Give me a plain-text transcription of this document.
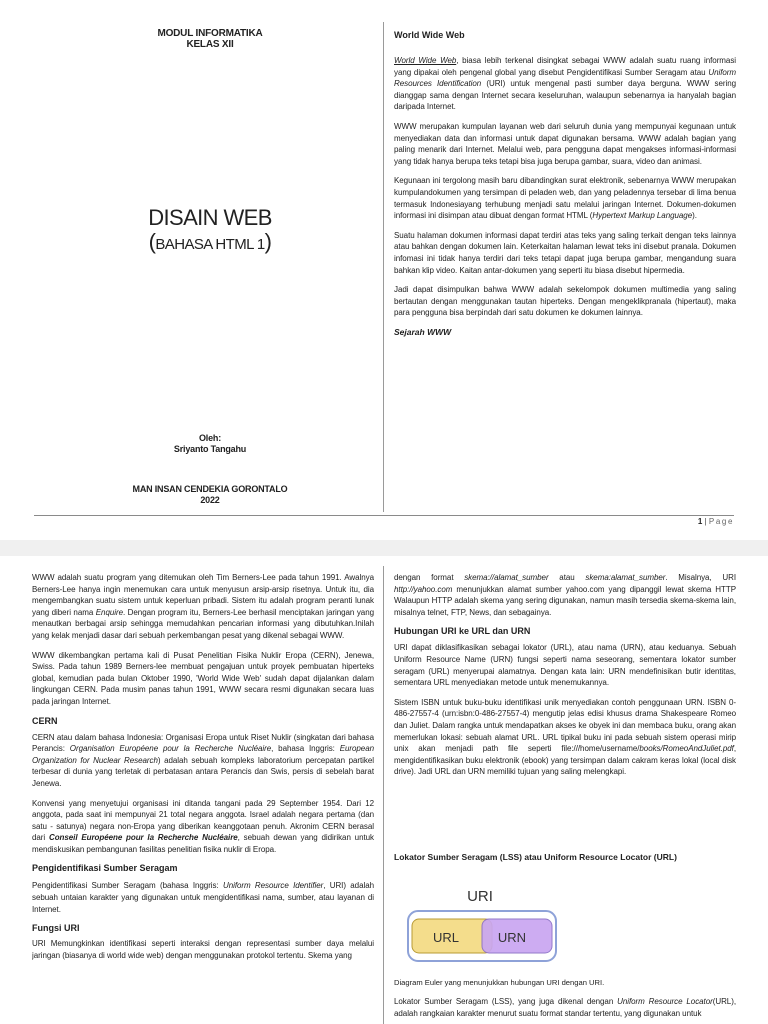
MODUL INFORMATIKA
KELAS XII
DISAIN WEB
(BAHASA HTML 1)
Oleh:
Sriyanto Tangahu
MAN INSAN CENDEKIA GORONTALO
2022
World Wide Web

World Wide Web, biasa lebih terkenal disingkat sebagai WWW adalah suatu ruang informasi yang dipakai oleh pengenal global yang disebut Pengidentifikasi Sumber Seragam atau Uniform Resources Identification (URI) untuk mengenal pasti sumber daya berguna. WWW sering dianggap sama dengan Internet secara keseluruhan, walaupun sebenarnya ia hanyalah bagian daripada Internet.

WWW merupakan kumpulan layanan web dari seluruh dunia yang mempunyai kegunaan untuk menyediakan data dan informasi untuk dapat digunakan bersama. WWW adalah bagian yang paling menarik dari Internet. Melalui web, para pengguna dapat mengakses informasi-informasi yang tidak hanya berupa teks tetapi bisa juga berupa gambar, suara, video dan animasi.

Kegunaan ini tergolong masih baru dibandingkan surat elektronik, sebenarnya WWW merupakan kumpulandokumen yang tersimpan di peladen web, dan yang peladennya tersebar di lima benua termasuk Indonesiayang terhubung menjadi satu melalui jaringan Internet. Dokumen-dokumen informasi ini disimpan atau dibuat dengan format HTML (Hypertext Markup Language).

Suatu halaman dokumen informasi dapat terdiri atas teks yang saling terkait dengan teks lainnya atau bahkan dengan dokumen lain. Keterkaitan halaman lewat teks ini disebut pranala. Dokumen infomasi ini tidak hanya terdiri dari teks tetapi dapat juga berupa gambar, mengandung suara bahkan klip video. Kaitan antar-dokumen yang seperti itu biasa disebut hipermedia.

Jadi dapat disimpulkan bahwa WWW adalah sekelompok dokumen multimedia yang saling bertautan dengan menggunakan tautan hiperteks. Dengan mengeklikpranala (hipertaut), maka para pengguna bisa berpindah dari satu dokumen ke dokumen lainnya.

Sejarah WWW
1 | Page

WWW adalah suatu program yang ditemukan oleh Tim Berners-Lee pada tahun 1991. Awalnya Berners-Lee hanya ingin menemukan cara untuk menyusun arsip-arsip risetnya. Untuk itu, dia mengembangkan suatu sistem untuk keperluan pribadi. Sistem itu adalah program peranti lunak yang diberi nama Enquire. Dengan program itu, Berners-Lee berhasil menciptakan jaringan yang menautkan berbagai arsip sehingga memudahkan pencarian informasi yang dibutuhkan.Inilah yang kelak menjadi dasar dari sebuah perkembangan pesat yang dikenal sebagai WWW.

WWW dikembangkan pertama kali di Pusat Penelitian Fisika Nuklir Eropa (CERN), Jenewa, Swiss. Pada tahun 1989 Berners-lee membuat pengajuan untuk proyek pembuatan hiperteks global, kemudian pada bulan Oktober 1990, 'World Wide Web' sudah dapat dijalankan dalam lingkungan CERN. Pada musim panas tahun 1991, WWW secara resmi digunakan secara luas pada jaringan Internet.

CERN

CERN atau dalam bahasa Indonesia: Organisasi Eropa untuk Riset Nuklir (singkatan dari bahasa Perancis: Organisation Européene pour la Recherche Nucléaire, bahasa Inggris: European Organization for Nuclear Research) adalah sebuah kompleks laboratorium percepatan partikel terbesar di dunia yang terletak di perbatasan antara Perancis dan Swis, persis di sebelah barat Jenewa.

Konvensi yang menyetujui organisasi ini ditanda tangani pada 29 September 1954. Dari 12 anggota, pada saat ini mempunyai 21 total negara anggota. Israel adalah negara pertama (dan satu - satunya) negara non-Eropa yang diberikan keanggotaan penuh. Akronim CERN berasal dari Conseil Européene pour la Recherche Nucléaire, sebuah dewan yang didirikan untuk mendiskusikan pembangunan fasilitas penelitian fisika nuklir di Eropa.

Pengidentifikasi Sumber Seragam

Pengidentifikasi Sumber Seragam (bahasa Inggris: Uniform Resource Identifier, URI) adalah sebuah untaian karakter yang digunakan untuk mengidentifikasi nama, sumber, atau layanan di Internet.

Fungsi URI

URI Memungkinkan identifikasi seperti interaksi dengan representasi sumber daya melalui jaringan (biasanya di world wide web) dengan menggunakan protokol tertentu. Skema yang

dengan format skema://alamat_sumber atau skema:alamat_sumber. Misalnya, URI http://yahoo.com menunjukkan alamat sumber yahoo.com yang dipanggil lewat skema HTTP Walaupun HTTP adalah skema yang sering digunakan, namun masih tersedia skema-skema lain, misalnya telnet, FTP, News, dan sebagainya.

Hubungan URI ke URL dan URN

URI dapat diklasifikasikan sebagai lokator (URL), atau nama (URN), atau keduanya. Sebuah Uniform Resource Name (URN) fungsi seperti nama seseorang, sementara lokator sumber seragam (URL) menyerupai alamatnya. Dengan kata lain: URN mendefinisikan butir identitas, sementara URL menyediakan metode untuk menemukannya.

Sistem ISBN untuk buku-buku identifikasi unik menyediakan contoh penggunaan URN. ISBN 0-486-27557-4 (urn:isbn:0-486-27557-4) mengutip jelas edisi khusus drama Shakespeare Romeo dan Juliet. Dalam rangka untuk mendapatkan akses ke obyek ini dan membaca buku, orang akan memerlukan lokasi: sebuah alamat URL. URL tipikal buku ini pada sebuah sistem operasi mirip unix akan menjadi path file seperti file:///home/username/books/RomeoAndJuliet.pdf, mengidentifikasikan buku elektronik (ebook) yang tersimpan dalam cakram keras lokal (local disk drive). Jadi URL dan URN memiliki tujuan yang saling melengkapi.

Lokator Sumber Seragam (LSS) atau Uniform Resource Locator (URL)
URI
URL	URN
Diagram Euler yang menunjukkan hubungan URI dengan URI.

Lokator Sumber Seragam (LSS), yang juga dikenal dengan Uniform Resource Locator(URL), adalah rangkaian karakter menurut suatu format standar tertentu, yang digunakan untuk
